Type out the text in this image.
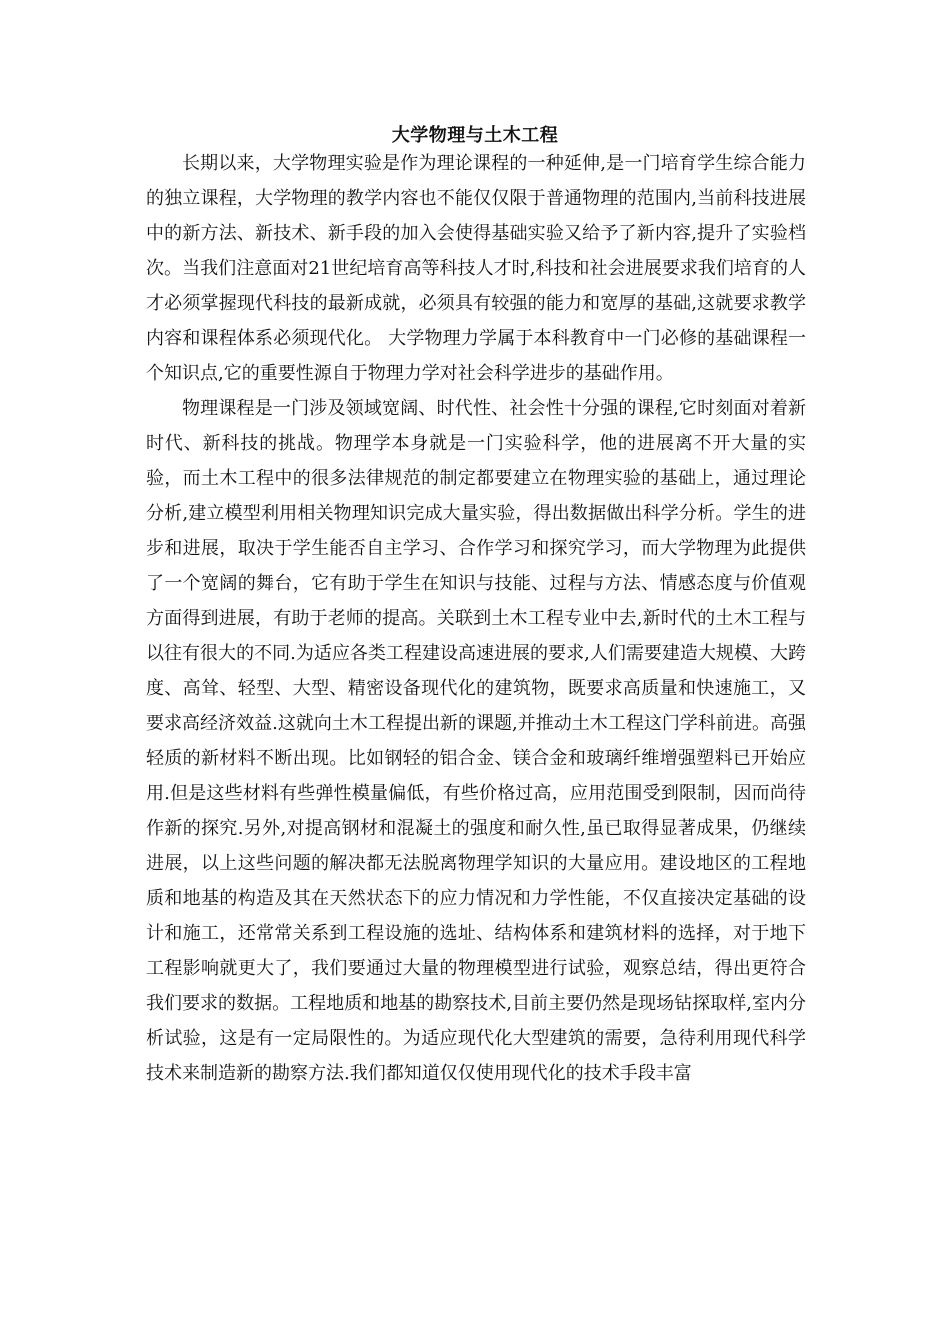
大学物理与土木工程

长期以来，大学物理实验是作为理论课程的一种延伸,是一门培育学生综合能力的独立课程，大学物理的教学内容也不能仅仅限于普通物理的范围内,当前科技进展中的新方法、新技术、新手段的加入会使得基础实验又给予了新内容,提升了实验档次。当我们注意面对21世纪培育高等科技人才时,科技和社会进展要求我们培育的人才必须掌握现代科技的最新成就，必须具有较强的能力和宽厚的基础,这就要求教学内容和课程体系必须现代化。 大学物理力学属于本科教育中一门必修的基础课程一个知识点,它的重要性源自于物理力学对社会科学进步的基础作用。

物理课程是一门涉及领域宽阔、时代性、社会性十分强的课程,它时刻面对着新时代、新科技的挑战。物理学本身就是一门实验科学，他的进展离不开大量的实验，而土木工程中的很多法律规范的制定都要建立在物理实验的基础上，通过理论分析,建立模型利用相关物理知识完成大量实验，得出数据做出科学分析。学生的进步和进展，取决于学生能否自主学习、合作学习和探究学习，而大学物理为此提供了一个宽阔的舞台，它有助于学生在知识与技能、过程与方法、情感态度与价值观方面得到进展，有助于老师的提高。关联到土木工程专业中去,新时代的土木工程与以往有很大的不同.为适应各类工程建设高速进展的要求,人们需要建造大规模、大跨度、高耸、轻型、大型、精密设备现代化的建筑物，既要求高质量和快速施工，又要求高经济效益.这就向土木工程提出新的课题,并推动土木工程这门学科前进。高强轻质的新材料不断出现。比如钢轻的铝合金、镁合金和玻璃纤维增强塑料已开始应用.但是这些材料有些弹性模量偏低，有些价格过高，应用范围受到限制，因而尚待作新的探究.另外,对提高钢材和混凝土的强度和耐久性,虽已取得显著成果，仍继续进展，以上这些问题的解决都无法脱离物理学知识的大量应用。建设地区的工程地质和地基的构造及其在天然状态下的应力情况和力学性能，不仅直接决定基础的设计和施工，还常常关系到工程设施的选址、结构体系和建筑材料的选择，对于地下工程影响就更大了，我们要通过大量的物理模型进行试验，观察总结，得出更符合我们要求的数据。工程地质和地基的勘察技术,目前主要仍然是现场钻探取样,室内分析试验，这是有一定局限性的。为适应现代化大型建筑的需要，急待利用现代科学技术来制造新的勘察方法.我们都知道仅仅使用现代化的技术手段丰富
